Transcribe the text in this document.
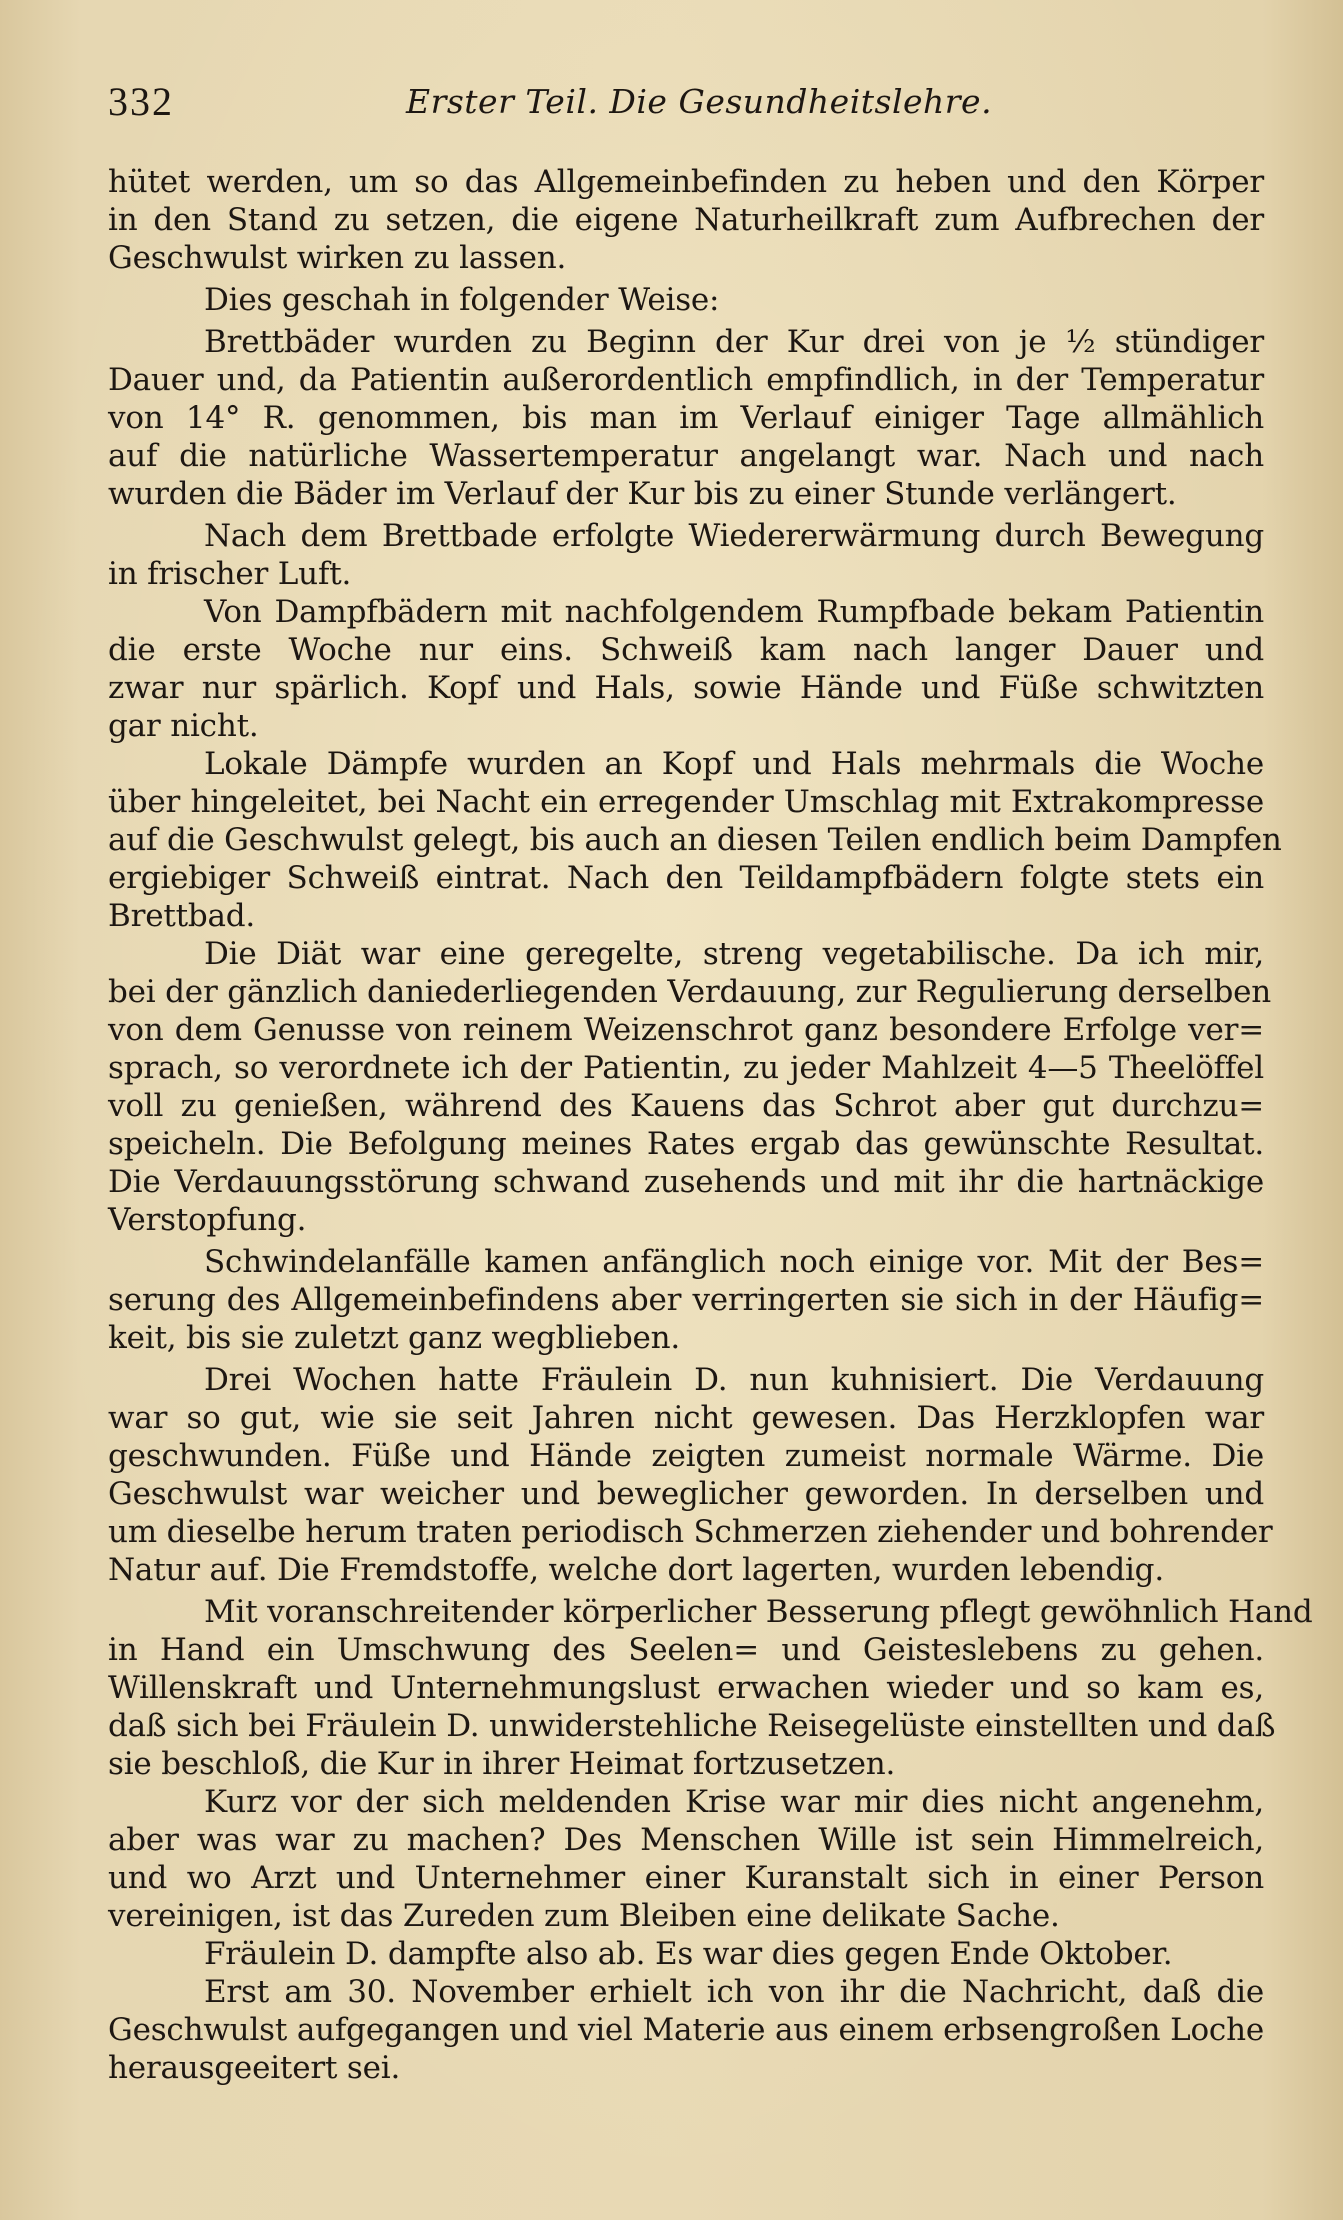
332	Erster Teil. Die Gesundheitslehre.
hütet werden, um so das Allgemeinbefinden zu heben und den Körper
in den Stand zu setzen, die eigene Naturheilkraft zum Aufbrechen der
Geschwulst wirken zu lassen.
Dies geschah in folgender Weise:
Brettbäder wurden zu Beginn der Kur drei von je ½ stündiger
Dauer und, da Patientin außerordentlich empfindlich, in der Temperatur
von 14° R. genommen, bis man im Verlauf einiger Tage allmählich
auf die natürliche Wassertemperatur angelangt war. Nach und nach
wurden die Bäder im Verlauf der Kur bis zu einer Stunde verlängert.
Nach dem Brettbade erfolgte Wiedererwärmung durch Bewegung
in frischer Luft.
Von Dampfbädern mit nachfolgendem Rumpfbade bekam Patientin
die erste Woche nur eins. Schweiß kam nach langer Dauer und
zwar nur spärlich. Kopf und Hals, sowie Hände und Füße schwitzten
gar nicht.
Lokale Dämpfe wurden an Kopf und Hals mehrmals die Woche
über hingeleitet, bei Nacht ein erregender Umschlag mit Extrakompresse
auf die Geschwulst gelegt, bis auch an diesen Teilen endlich beim Dampfen
ergiebiger Schweiß eintrat. Nach den Teildampfbädern folgte stets ein
Brettbad.
Die Diät war eine geregelte, streng vegetabilische. Da ich mir,
bei der gänzlich daniederliegenden Verdauung, zur Regulierung derselben
von dem Genusse von reinem Weizenschrot ganz besondere Erfolge ver=
sprach, so verordnete ich der Patientin, zu jeder Mahlzeit 4—5 Theelöffel
voll zu genießen, während des Kauens das Schrot aber gut durchzu=
speicheln. Die Befolgung meines Rates ergab das gewünschte Resultat.
Die Verdauungsstörung schwand zusehends und mit ihr die hartnäckige
Verstopfung.
Schwindelanfälle kamen anfänglich noch einige vor. Mit der Bes=
serung des Allgemeinbefindens aber verringerten sie sich in der Häufig=
keit, bis sie zuletzt ganz wegblieben.
Drei Wochen hatte Fräulein D. nun kuhnisiert. Die Verdauung
war so gut, wie sie seit Jahren nicht gewesen. Das Herzklopfen war
geschwunden. Füße und Hände zeigten zumeist normale Wärme. Die
Geschwulst war weicher und beweglicher geworden. In derselben und
um dieselbe herum traten periodisch Schmerzen ziehender und bohrender
Natur auf. Die Fremdstoffe, welche dort lagerten, wurden lebendig.
Mit voranschreitender körperlicher Besserung pflegt gewöhnlich Hand
in Hand ein Umschwung des Seelen= und Geisteslebens zu gehen.
Willenskraft und Unternehmungslust erwachen wieder und so kam es,
daß sich bei Fräulein D. unwiderstehliche Reisegelüste einstellten und daß
sie beschloß, die Kur in ihrer Heimat fortzusetzen.
Kurz vor der sich meldenden Krise war mir dies nicht angenehm,
aber was war zu machen? Des Menschen Wille ist sein Himmelreich,
und wo Arzt und Unternehmer einer Kuranstalt sich in einer Person
vereinigen, ist das Zureden zum Bleiben eine delikate Sache.
Fräulein D. dampfte also ab. Es war dies gegen Ende Oktober.
Erst am 30. November erhielt ich von ihr die Nachricht, daß die
Geschwulst aufgegangen und viel Materie aus einem erbsengroßen Loche
herausgeeitert sei.
